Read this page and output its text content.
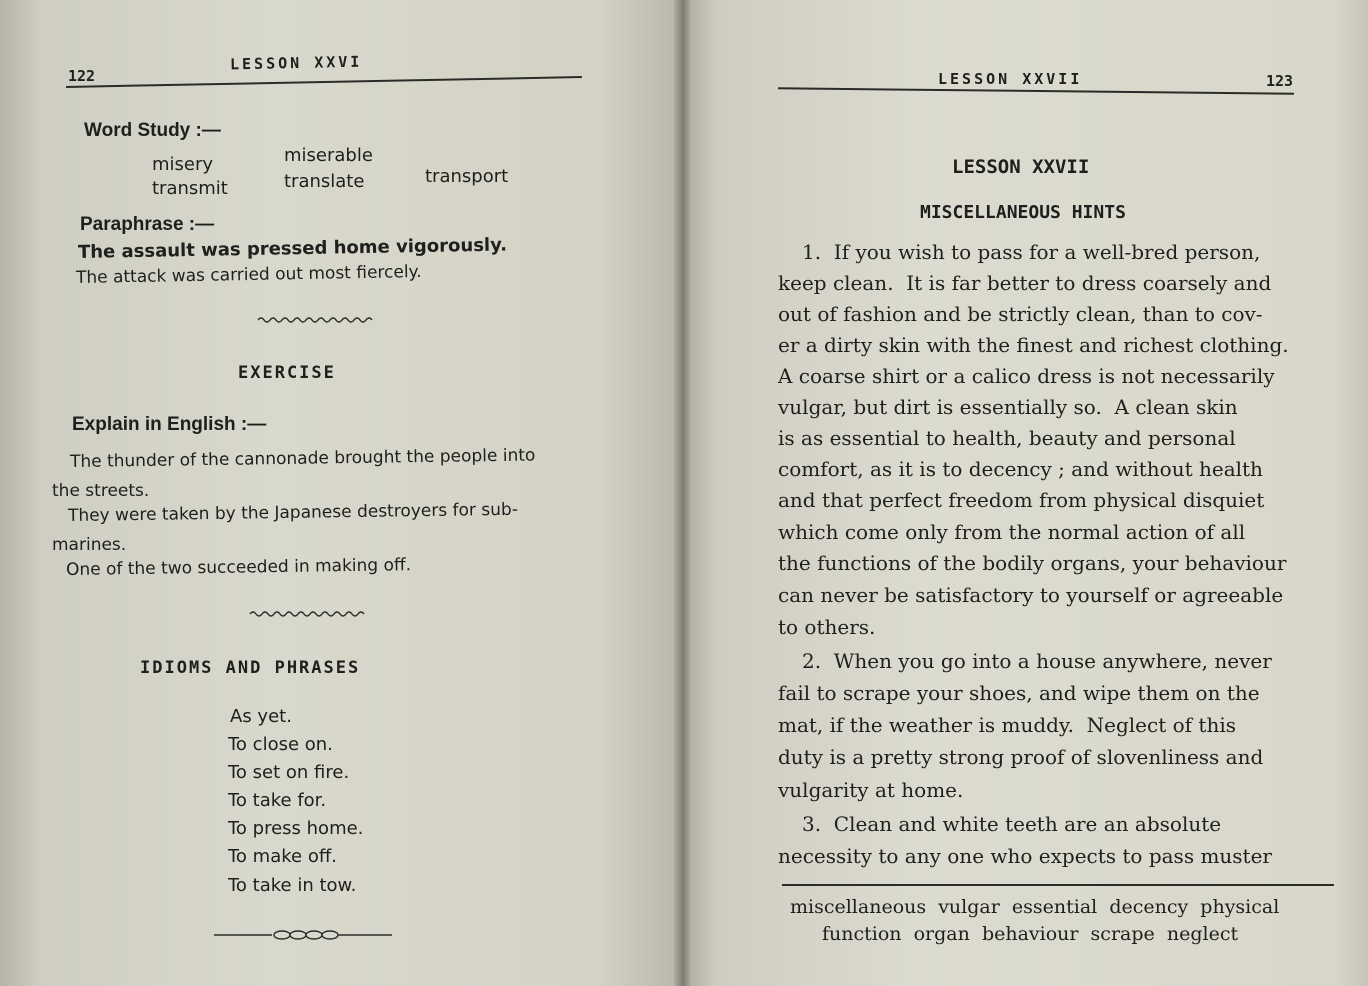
122
LESSON XXVI
Word Study :—
misery	miserable
transmit	translate	transport
Paraphrase :—
The assault was pressed home vigorously.
The attack was carried out most fiercely.
EXERCISE
Explain in English :—
The thunder of the cannonade brought the people into
the streets.
They were taken by the Japanese destroyers for sub-
marines.
One of the two succeeded in making off.
IDIOMS AND PHRASES
As yet.
To close on.
To set on fire.
To take for.
To press home.
To make off.
To take in tow.
LESSON XXVII	123
LESSON XXVII
MISCELLANEOUS HINTS
1.  If you wish to pass for a well-bred person,
keep clean.  It is far better to dress coarsely and
out of fashion and be strictly clean, than to cov-
er a dirty skin with the finest and richest clothing.
A coarse shirt or a calico dress is not necessarily
vulgar, but dirt is essentially so.  A clean skin
is as essential to health, beauty and personal
comfort, as it is to decency ; and without health
and that perfect freedom from physical disquiet
which come only from the normal action of all
the functions of the bodily organs, your behaviour
can never be satisfactory to yourself or agreeable
to others.
2.  When you go into a house anywhere, never
fail to scrape your shoes, and wipe them on the
mat, if the weather is muddy.  Neglect of this
duty is a pretty strong proof of slovenliness and
vulgarity at home.
3.  Clean and white teeth are an absolute
necessity to any one who expects to pass muster
miscellaneous  vulgar  essential  decency  physical
function  organ  behaviour  scrape  neglect
